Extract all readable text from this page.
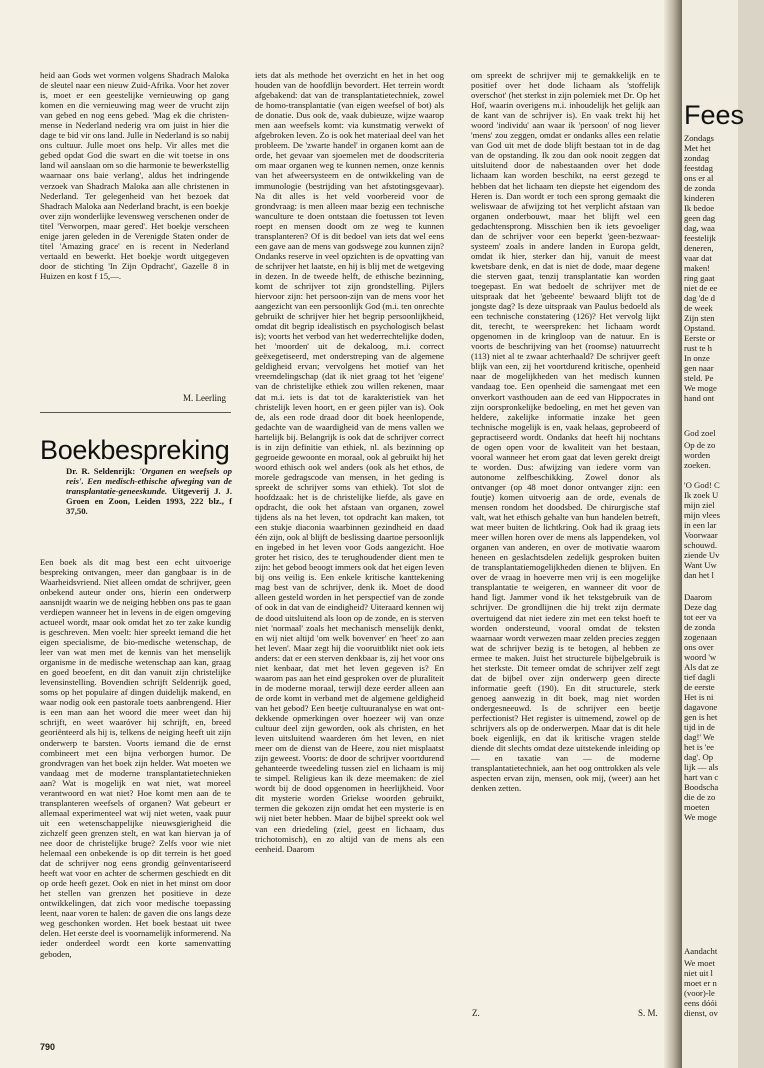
heid aan Gods wet vormen volgens Shadrach Maloka de sleutel naar een nieuw Zuid-Afrika. Voor het zover is, moet er een geestelijke vernieuwing op gang komen en die vernieuwing mag weer de vrucht zijn van gebed en nog eens gebed. 'Mag ek die christen-mense in Nederland nederig vra om juist in hier die dage te bid vir ons land. Julle in Nederland is so nabij ons cultuur. Julle moet ons help. Vir alles met die gebed opdat God die swart en die wit toetse in ons land wil aanslaan om so die harmonie te bewerkstellig waarnaar ons baie verlang', aldus het indringende verzoek van Shadrach Maloka aan alle christenen in Nederland. Ter gelegenheid van het bezoek dat Shadrach Maloka aan Nederland bracht, is een boekje over zijn wonderlijke levensweg verschenen onder de titel 'Verworpen, maar gered'. Het boekje verscheen enige jaren geleden in de Verenigde Staten onder de titel 'Amazing grace' en is recent in Nederland vertaald en bewerkt. Het boekje wordt uitgegeven door de stichting 'In Zijn Opdracht', Gazelle 8 in Huizen en kost f 15,—.

M. Leerling
Boekbespreking
Dr. R. Seldenrijk: 'Organen en weefsels op reis'. Een medisch-ethische afweging van de transplantatie-geneeskunde. Uitgeverij J. J. Groen en Zoon, Leiden 1993, 222 blz., f 37,50.

Een boek als dit mag best een echt uitvoerige bespreking ontvangen, meer dan gangbaar is in de Waarheidsvriend. Niet alleen omdat de schrijver, geen onbekend auteur onder ons, hierin een onderwerp aansnijdt waarin we de neiging hebben ons pas te gaan verdiepen wanneer het in levens in de eigen omgeving actueel wordt, maar ook omdat het zo ter zake kundig is geschreven. Men voelt: hier spreekt iemand die het eigen specialisme, de bio-medische wetenschap, de leer van wat men met de kennis van het menselijk organisme in de medische wetenschap aan kan, graag en goed beoefent, en dit dan vanuit zijn christelijke levensinstelling. Bovendien schrijft Seldenrijk goed, soms op het populaire af dingen duidelijk makend, en waar nodig ook een pastorale toets aanbrengend. Hier is een man aan het woord die meer weet dan hij schrijft, en weet waaróver hij schrijft, en, breed georiënteerd als hij is, telkens de neiging heeft uit zijn onderwerp te barsten. Voorts iemand die de ernst combineert met een bijna verborgen humor. De grondvragen van het boek zijn helder. Wat moeten we vandaag met de moderne transplantatietechnieken aan? Wat is mogelijk en wat niet, wat moreel verantwoord en wat niet? Hoe komt men aan de te transplanteren weefsels of organen? Wat gebeurt er allemaal experimenteel wat wij niet weten, vaak puur uit een wetenschappelijke nieuwsgierigheid die zichzelf geen grenzen stelt, en wat kan hiervan ja of nee door de christelijke bruge? Zelfs voor wie niet helemaal een onbekende is op dit terrein is het goed dat de schrijver nog eens grondig geïnventariseerd heeft wat voor en achter de schermen geschiedt en dit op orde heeft gezet. Ook en niet in het minst om door het stellen van grenzen het positieve in deze ontwikkelingen, dat zich voor medische toepassing leent, naar voren te halen: de gaven die ons langs deze weg geschonken worden. Het boek bestaat uit twee delen. Het eerste deel is voornamelijk informerend. Na ieder onderdeel wordt een korte samenvatting geboden,

iets dat als methode het overzicht en het in het oog houden van de hoofdlijn bevordert. Het terrein wordt afgebakend: dat van de transplantatietechniek, zowel de homo-transplantatie (van eigen weefsel of bot) als de donatie. Dus ook de, vaak dubieuze, wijze waarop men aan weefsels komt: via kunstmatig verwekt of afgebroken leven. Zo is ook het materiaal deel van het probleem. De 'zwarte handel' in organen komt aan de orde, het gevaar van sjoemelen met de doodscriteria om maar organen weg te kunnen nemen, onze kennis van het afweersysteem en de ontwikkeling van de immunologie (bestrijding van het afstotingsgevaar). Na dit alles is het veld voorbereid voor de grondvraag: is men alleen maar bezig een technische wanculture te doen ontstaan die foetussen tot leven roept en mensen doodt om ze weg te kunnen transplanteren? Of is dit bedoel van iets dat wel eens een gave aan de mens van godswege zou kunnen zijn? Ondanks reserve in veel opzichten is de opvatting van de schrijver het laatste, en hij is blij met de wetgeving in dezen. In de tweede helft, de ethische bezinning, komt de schrijver tot zijn grondstelling. Pijlers hiervoor zijn: het persoon-zijn van de mens voor het aangezicht van een persoonlijk God (m.i. ten onrechte gebruikt de schrijver hier het begrip persoonlijkheid, omdat dit begrip idealistisch en psychologisch belast is); voorts het verbod van het wederrechtelijke doden, het 'moorden' uit de dekaloog, m.i. correct geëxegetiseerd, met onderstreping van de algemene geldigheid ervan; vervolgens het motief van het vreemdelingschap (dat ik niet graag tot het 'eigene' van de christelijke ethiek zou willen rekenen, maar dat m.i. iets is dat tot de karakteristiek van het christelijk leven hoort, en er geen pijler van is). Ook de, als een rode draad door dit boek heenlopende, gedachte van de waardigheid van de mens vallen we hartelijk bij. Belangrijk is ook dat de schrijver correct is in zijn definitie van ethiek, nl. als bezinning op gegroeide gewoonte en moraal, ook al gebruikt hij het woord ethisch ook wel anders (ook als het ethos, de morele gedragscode van mensen, in het geding is spreekt de schrijver soms van ethiek). Tot slot de hoofdzaak: het is de christelijke liefde, als gave en opdracht, die ook het afstaan van organen, zowel tijdens als na het leven, tot opdracht kan maken, tot een stukje diaconia waarbinnen gezindheid en daad één zijn, ook al blijft de beslissing daartoe persoonlijk en ingebed in het leven voor Gods aangezicht. Hoe groter het risico, des te terughoudender dient men te zijn: het gebod beoogt immers ook dat het eigen leven bij ons veilig is. Een enkele kritische kanttekening mag best van de schrijver, denk ik. Moet de dood alleen gesteld worden in het perspectief van de zonde of ook in dat van de eindigheid? Uiteraard kennen wij de dood uitsluitend als loon op de zonde, en is sterven niet 'normaal' zoals het mechanisch menselijk denkt, en wij niet altijd 'om welk bovenver' en 'heet' zo aan het leven'. Maar zegt hij die vooruitblikt niet ook iets anders: dat er een sterven denkbaar is, zij het voor ons niet kenbaar, dat met het leven gegeven is? En waarom pas aan het eind gesproken over de pluraliteit in de moderne moraal, terwijl deze eerder alleen aan de orde komt in verband met de algemene geldigheid van het gebod? Een beetje cultuuranalyse en wat ont-dekkende opmerkingen over hoezeer wij van onze cultuur deel zijn geworden, ook als christen, en het leven uitsluitend waarderen óm het leven, en niet meer om de dienst van de Heere, zou niet misplaatst zijn geweest. Voorts: de door de schrijver voortdurend gehanteerde tweedeling tussen ziel en lichaam is mij te simpel. Religieus kan ik deze meemaken: de ziel wordt bij de dood opgenomen in heerlijkheid. Voor dit mysterie worden Griekse woorden gebruikt, termen die gekozen zijn omdat het een mysterie is en wij niet beter hebben. Maar de bijbel spreekt ook wel van een driedeling (ziel, geest en lichaam, dus trichotomisch), en zo altijd van de mens als een eenheid. Daarom

om spreekt de schrijver mij te gemakkelijk en te positief over het dode lichaam als 'stoffelijk overschot' (het sterkst in zijn polemiek met Dr. Op het Hof, waarin overigens m.i. inhoudelijk het gelijk aan de kant van de schrijver is). En vaak trekt hij het woord 'individu' aan waar ik 'persoon' of nog liever 'mens' zou zeggen, omdat er ondanks alles een relatie van God uit met de dode blijft bestaan tot in de dag van de opstanding. Ik zou dan ook nooit zeggen dat uitsluitend door de nabestaanden over het dode lichaam kan worden beschikt, na eerst gezegd te hebben dat het lichaam ten diepste het eigendom des Heren is. Dan wordt er toch een sprong gemaakt die weliswaar de afwijzing tot het verplicht afstaan van organen onderbouwt, maar het blijft wel een gedachtensprong. Misschien ben ik iets gevoeliger dan de schrijver voor een beperkt 'geen-bezwaar-systeem' zoals in andere landen in Europa geldt, omdat ik hier, sterker dan hij, vanuit de meest kwetsbare denk, en dat is niet de dode, maar degene die sterven gaat, tenzij transplantatie kan worden toegepast. En wat bedoelt de schrijver met de uitspraak dat het 'gebeente' bewaard blijft tot de jongste dag? Is deze uitspraak van Paulus bedoeld als een technische constatering (126)? Het vervolg lijkt dit, terecht, te weerspreken: het lichaam wordt opgenomen in de kringloop van de natuur. En is voorts de beschrijving van het (roomse) natuurrecht (113) niet al te zwaar achterhaald? De schrijver geeft blijk van een, zij het voortdurend kritische, openheid naar de mogelijkheden van het medisch kunnen vandaag toe. Een openheid die samengaat met een onverkort vasthouden aan de eed van Hippocrates in zijn oorspronkelijke bedoeling, en met het geven van heldere, zakelijke informatie inzake het geen technische mogelijk is en, vaak helaas, geprobeerd of gepractiseerd wordt. Ondanks dat heeft hij nochtans de ogen open voor de kwaliteit van het bestaan, vooral wanneer het erom gaat dat leven gerekt dreigt te worden. Dus: afwijzing van iedere vorm van autonome zelfbeschikking. Zowel donor als ontvanger (op 48 moet donor ontvanger zijn: een foutje) komen uitvoerig aan de orde, evenals de mensen rondom het doodsbed. De chirurgische staf valt, wat het ethisch gehalte van hun handelen betreft, wat meer buiten de lichtkring. Ook had ik graag iets meer willen horen over de mens als lappendeken, vol organen van anderen, en over de motivatie waarom heneen en geslachtsdelen zedelijk gesproken buiten de transplantatiemogelijkheden dienen te blijven. En over de vraag in hoeverre men vrij is een mogelijke transplantatie te weigeren, en wanneer dit voor de hand ligt. Jammer vond ik het tekstgebruik van de schrijver. De grondlijnen die hij trekt zijn dermate overtuigend dat niet iedere zin met een tekst hoeft te worden ondersteund, vooral omdat de teksten waarnaar wordt verwezen maar zelden precies zeggen wat de schrijver bezig is te betogen, al hebben ze ermee te maken. Juist het structurele bijbelgebruik is het sterkste. Dit temeer omdat de schrijver zelf zegt dat de bijbel over zijn onderwerp geen directe informatie geeft (190). En dit structurele, sterk genoeg aanwezig in dit boek, mag niet worden ondergesneeuwd. Is de schrijver een beetje perfectionist? Het register is uitnemend, zowel op de schrijvers als op de onderwerpen. Maar dat is dit hele boek eigenlijk, en dat ik kritische vragen stelde diende dit slechts omdat deze uitstekende inleiding op — en taxatie van — de moderne transplantatietechniek, aan het oog onttrokken als vele aspecten ervan zijn, mensen, ook mij, (weer) aan het denken zetten.

Z.	S. M.
790
Fees
Zondags
Met het
zondag
feestdag
ons er al
de zonda
kinderen
Ik bedoe
geen dag
dag, waa
feestelijk
deneren,
vaar dat
maken!
ring gaat
niet de ee
dag 'de d
de week
Zijn sten
Opstand.
Eerste or
rust te h
In onze
gen naar
steld. Pe
We moge
hand ont
God zoel
Op de zo
worden
zoeken.
'O God! C
Ik zoek U
mijn ziel
mijn vlees
in een lar
Voorwaar
schouwd.
ziende Uv
Want Uw
dan het l
Daarom
Deze dag
tot eer va
de zonda
zogenaan
ons over
woord 'w
Als dat ze
tief dagli
de eerste
Het is ni
dagavone
gen is het
tijd in de
dag!' We
het is 'ee
dag'. Op
lijk — als
hart van c
Boodscha
die de zo
moeten
We moge
Aandacht
We moet
niet uit l
moet er n
(voor)-le
eens dóói
dienst, ov
